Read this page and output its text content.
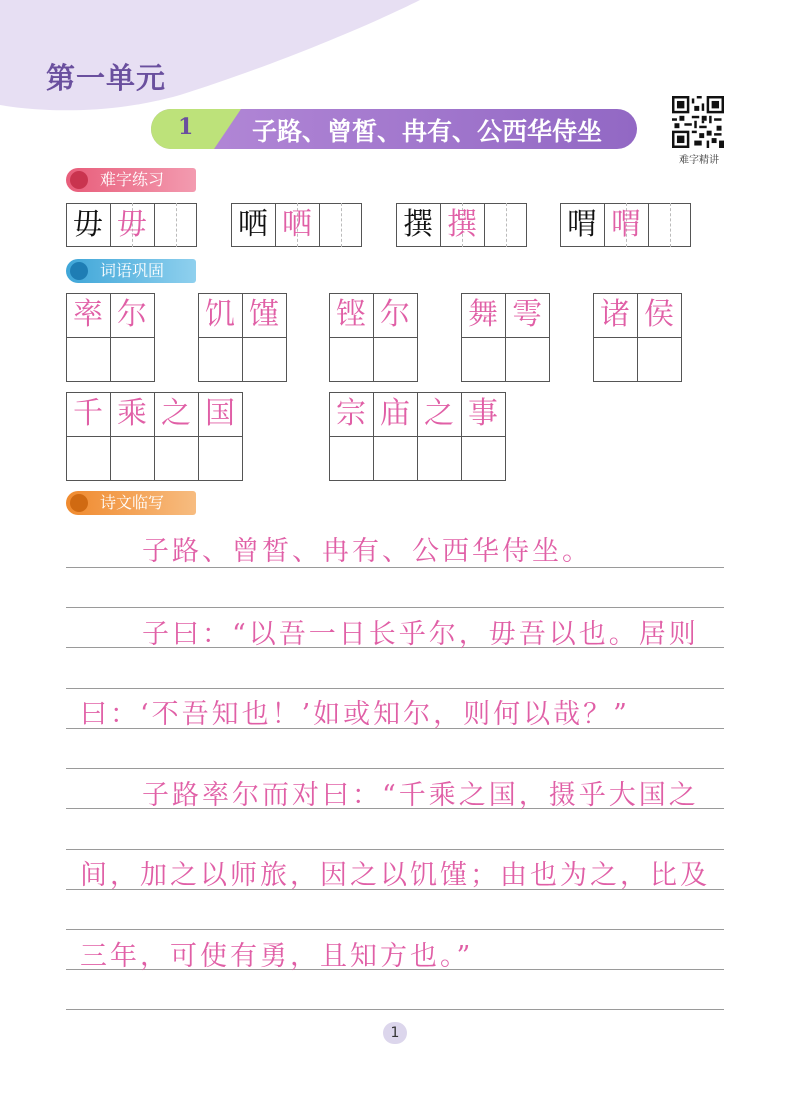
第一单元
1 子路、曾皙、冉有、公西华侍坐
难字精讲
难字练习
毋 毋	哂 哂	撰 撰	喟 喟
词语巩固
率 尔 饥 馑 铿 尔 舞 雩 诸 侯
千 乘 之 国	宗 庙 之 事
诗文临写
子路、曾皙、冉有、公西华侍坐。
子曰：“以吾一日长乎尔，毋吾以也。居则
曰：‘不吾知也！’如或知尔，则何以哉？”
子路率尔而对曰：“千乘之国，摄乎大国之
间，加之以师旅，因之以饥馑；由也为之，比及
三年，可使有勇，且知方也。”
1
